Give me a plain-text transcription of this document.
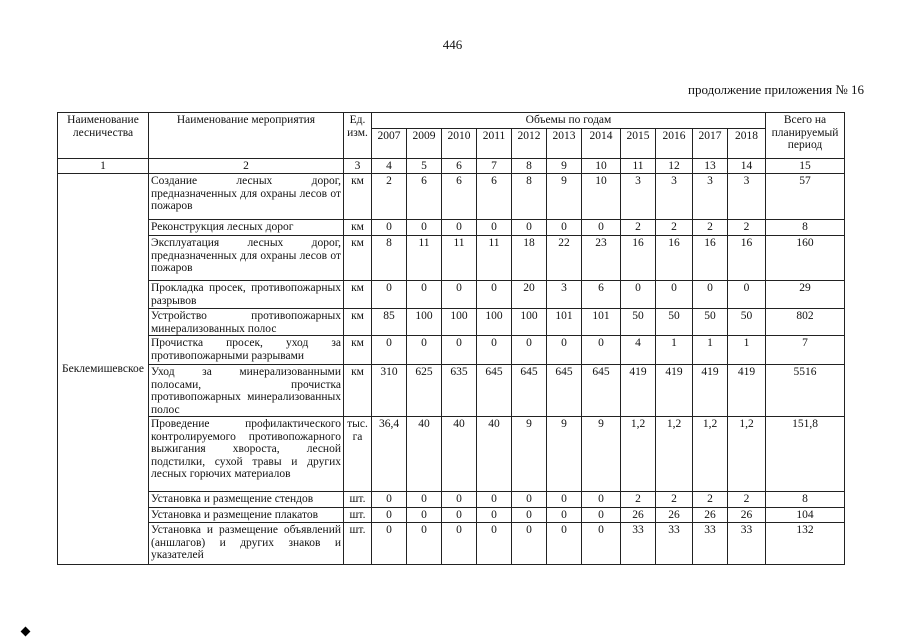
446
продолжение приложения № 16
Наименование лесничества	Наименование мероприятия	Ед. изм.	Объемы по годам											Всего на планируемый период
			2007	2009	2010	2011	2012	2013	2014	2015	2016	2017	2018	
1	2	3	4	5	6	7	8	9	10	11	12	13	14	15
Беклемишевское	Создание лесных дорог, предназначенных для охраны лесов от пожаров	км	2	6	6	6	8	9	10	3	3	3	3	57
	Реконструкция лесных дорог	км	0	0	0	0	0	0	0	2	2	2	2	8
	Эксплуатация лесных дорог, предназначенных для охраны лесов от пожаров	км	8	11	11	11	18	22	23	16	16	16	16	160
	Прокладка просек, противопожарных разрывов	км	0	0	0	0	20	3	6	0	0	0	0	29
	Устройство противопожарных минерализованных полос	км	85	100	100	100	100	101	101	50	50	50	50	802
	Прочистка просек, уход за противопожарными разрывами	км	0	0	0	0	0	0	0	4	1	1	1	7
	Уход за минерализованными полосами, прочистка противопожарных минерализованных полос	км	310	625	635	645	645	645	645	419	419	419	419	5516
	Проведение профилактического контролируемого противопожарного выжигания хвороста, лесной подстилки, сухой травы и других лесных горючих материалов	тыс. га	36,4	40	40	40	9	9	9	1,2	1,2	1,2	1,2	151,8
	Установка и размещение стендов	шт.	0	0	0	0	0	0	0	2	2	2	2	8
	Установка и размещение плакатов	шт.	0	0	0	0	0	0	0	26	26	26	26	104
	Установка и размещение объявлений (аншлагов) и других знаков и указателей	шт.	0	0	0	0	0	0	0	33	33	33	33	132
